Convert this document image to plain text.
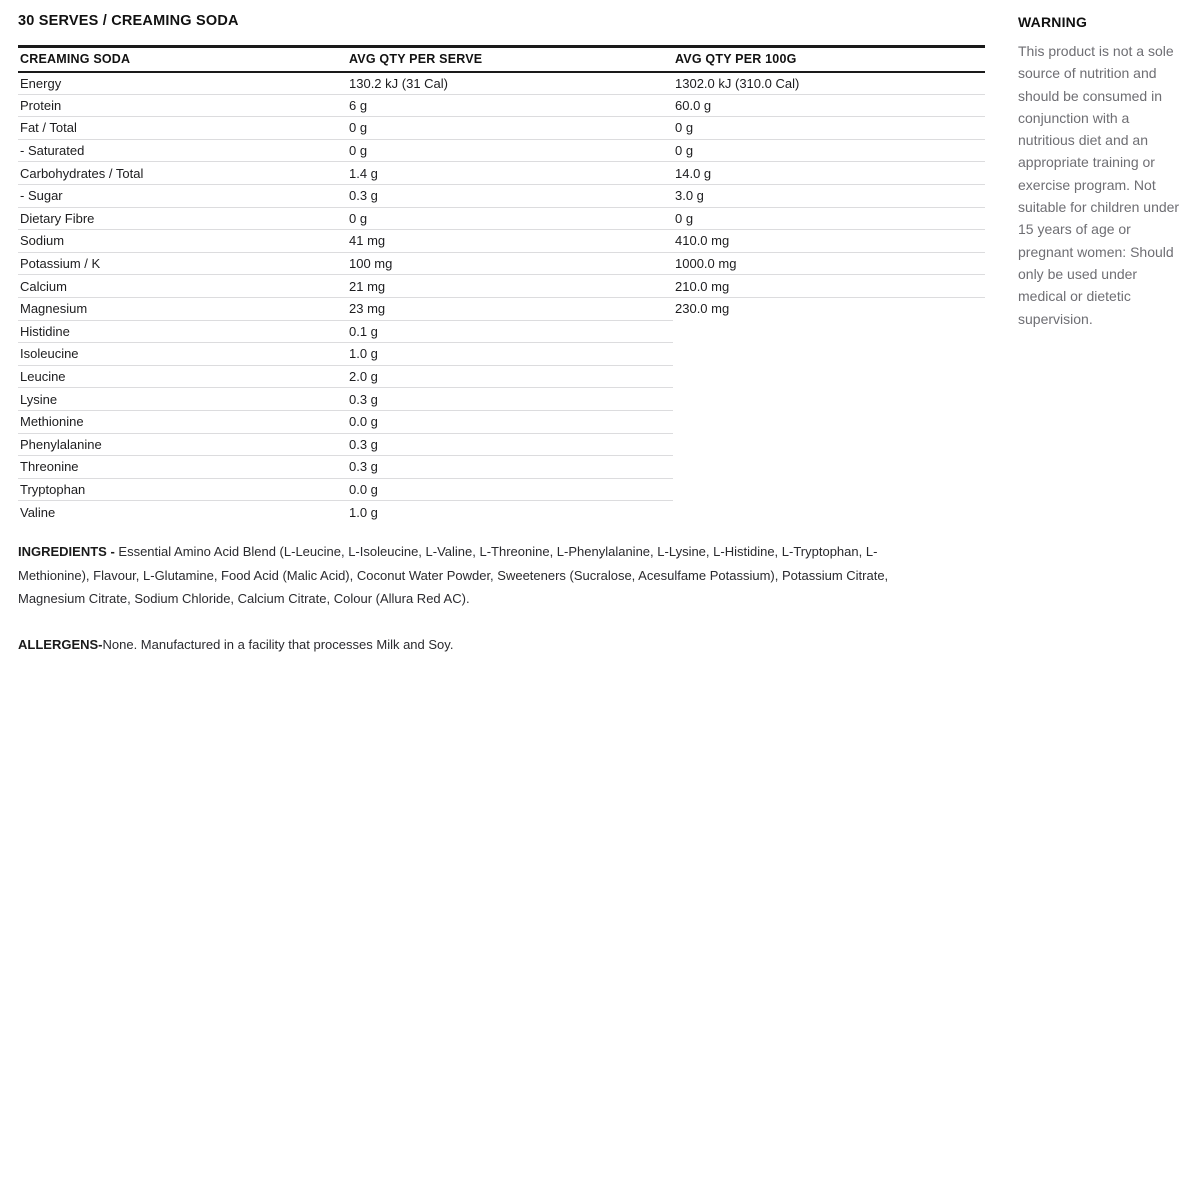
30 SERVES / CREAMING SODA
CREAMING SODA	AVG QTY PER SERVE	AVG QTY PER 100G
Energy	130.2 kJ (31 Cal)	1302.0 kJ (310.0 Cal)
Protein	6 g	60.0 g
Fat / Total	0 g	0 g
- Saturated	0 g	0 g
Carbohydrates / Total	1.4 g	14.0 g
- Sugar	0.3 g	3.0 g
Dietary Fibre	0 g	0 g
Sodium	41 mg	410.0 mg
Potassium / K	100 mg	1000.0 mg
Calcium	21 mg	210.0 mg
Magnesium	23 mg	230.0 mg
Histidine	0.1 g	
Isoleucine	1.0 g	
Leucine	2.0 g	
Lysine	0.3 g	
Methionine	0.0 g	
Phenylalanine	0.3 g	
Threonine	0.3 g	
Tryptophan	0.0 g	
Valine	1.0 g	

INGREDIENTS - Essential Amino Acid Blend (L-Leucine, L-Isoleucine, L-Valine, L-Threonine, L-Phenylalanine, L-Lysine, L-Histidine, L-Tryptophan, L-Methionine), Flavour, L-Glutamine, Food Acid (Malic Acid), Coconut Water Powder, Sweeteners (Sucralose, Acesulfame Potassium), Potassium Citrate, Magnesium Citrate, Sodium Chloride, Calcium Citrate, Colour (Allura Red AC).

ALLERGENS-None. Manufactured in a facility that processes Milk and Soy.

WARNING
This product is not a sole source of nutrition and should be consumed in conjunction with a nutritious diet and an appropriate training or exercise program. Not suitable for children under 15 years of age or pregnant women: Should only be used under medical or dietetic supervision.
